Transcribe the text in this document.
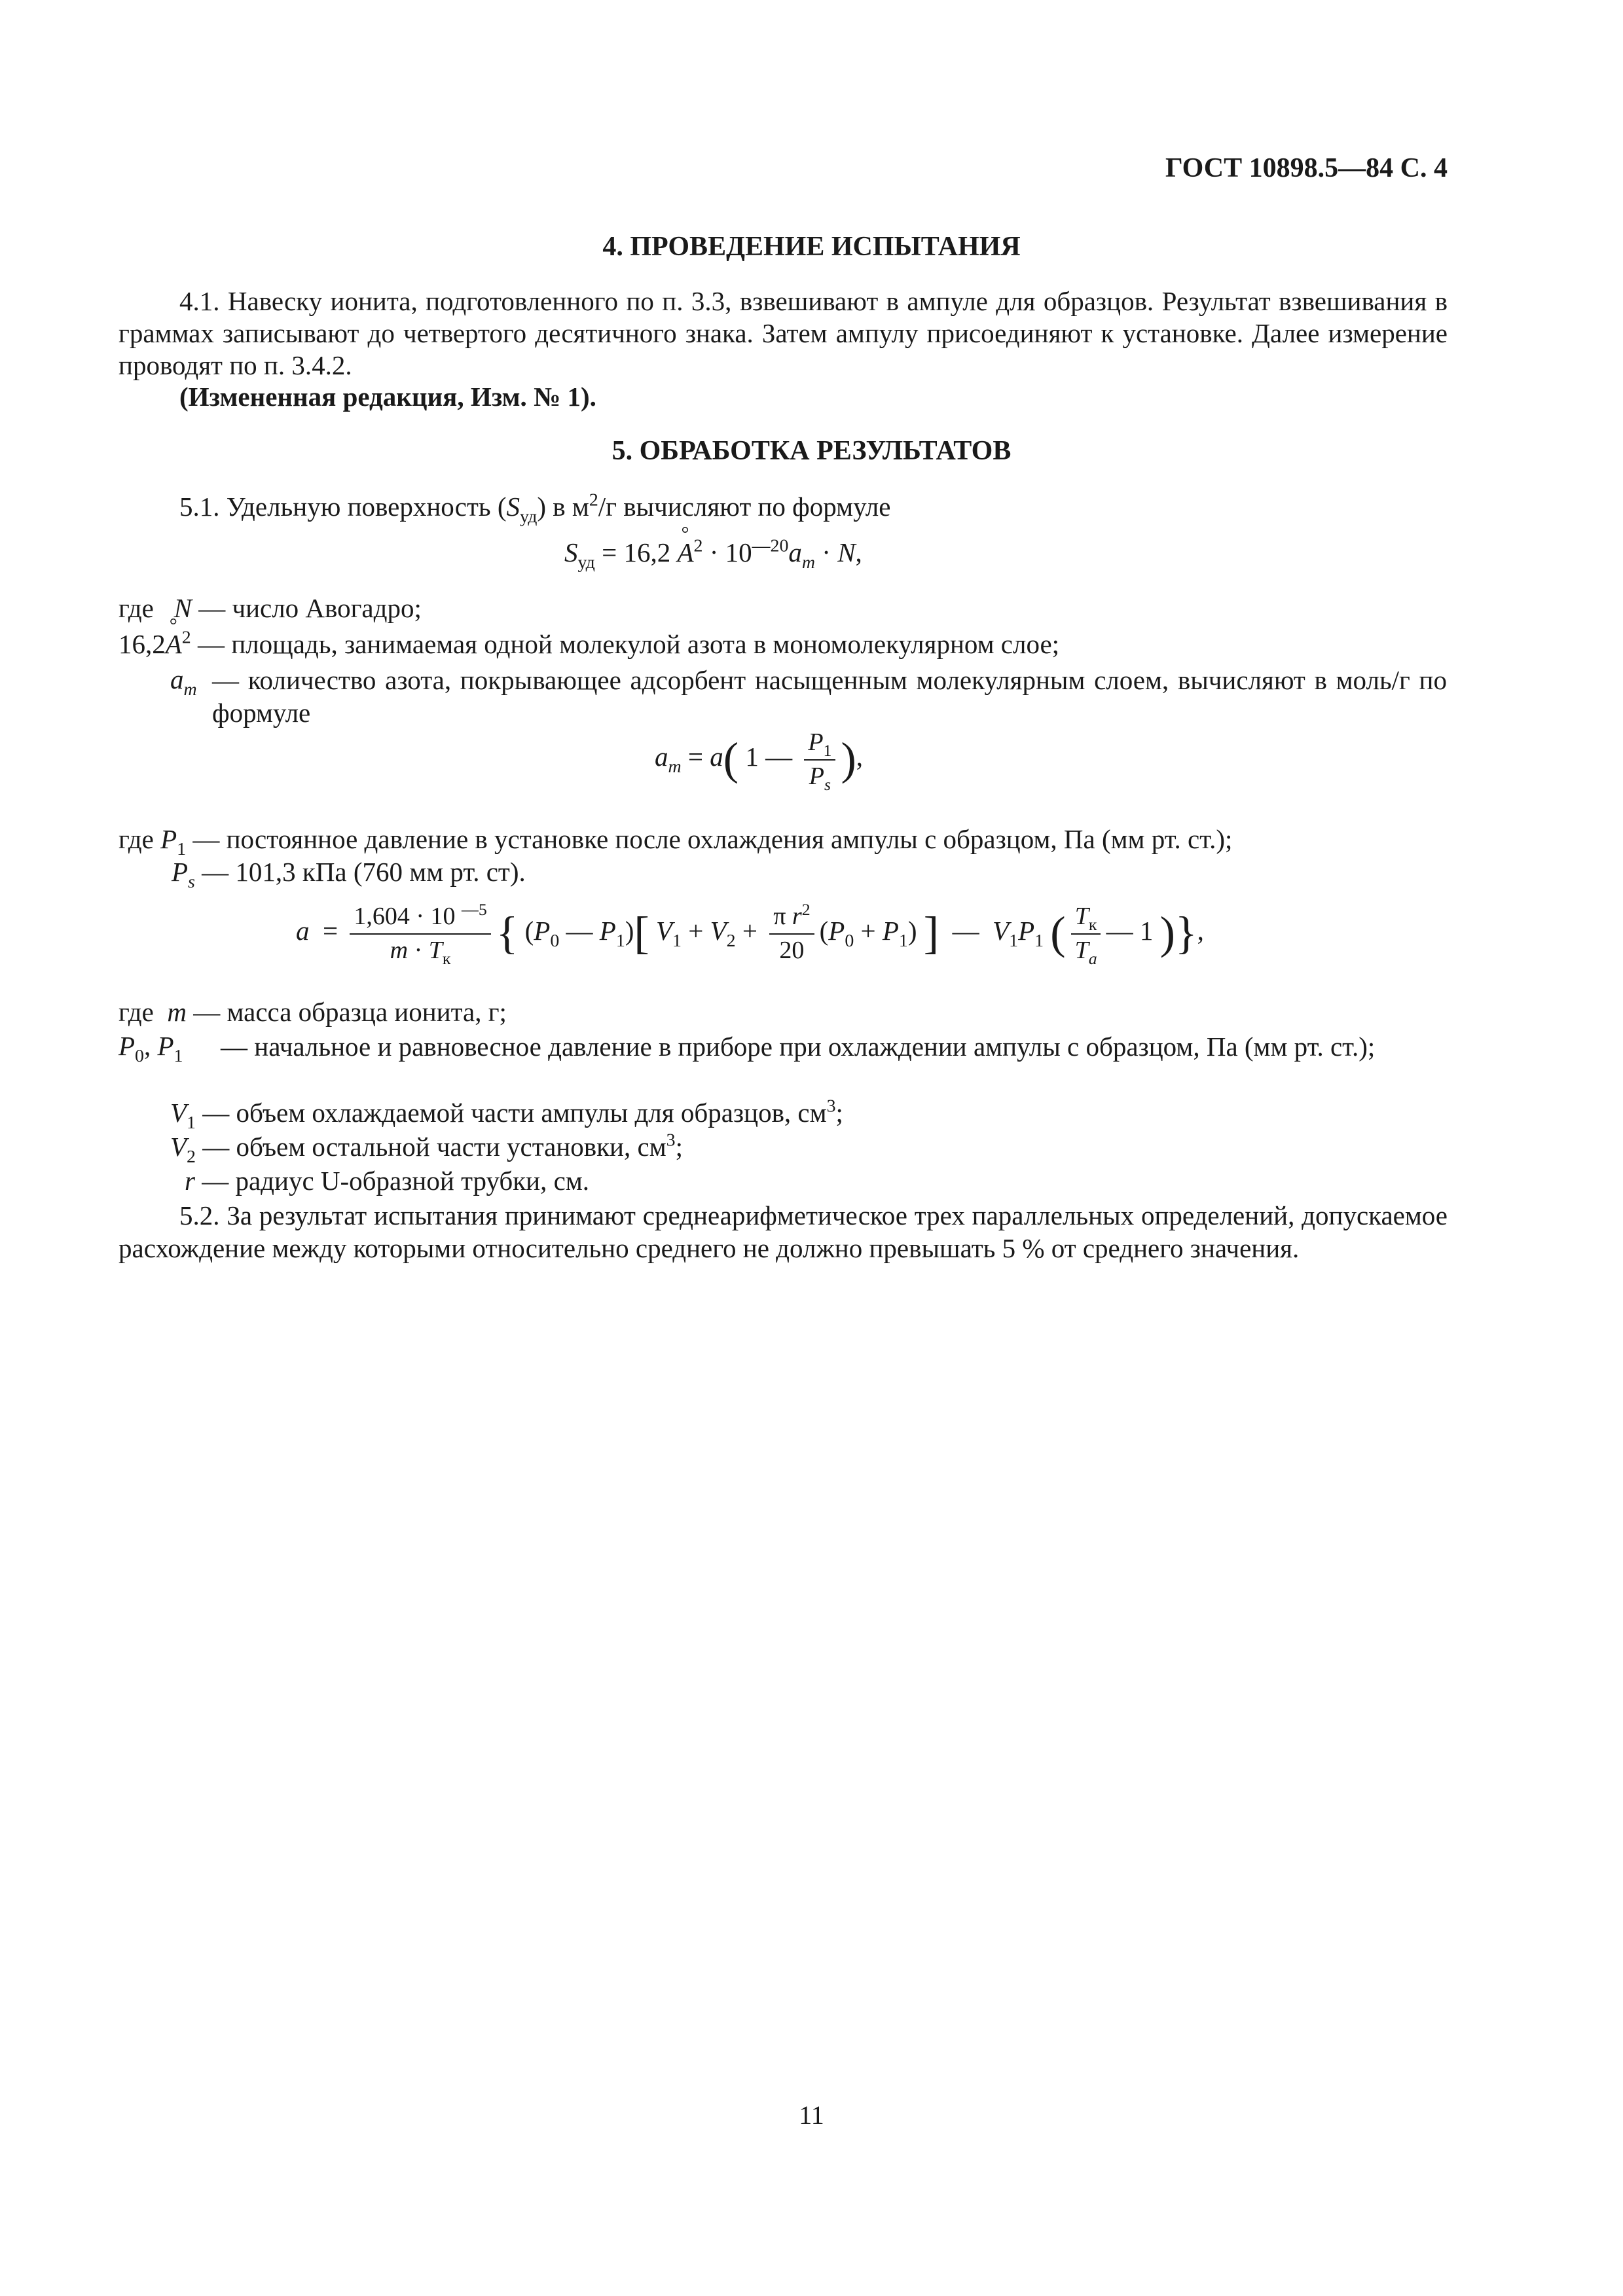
ГОСТ 10898.5—84 С. 4
4. ПРОВЕДЕНИЕ ИСПЫТАНИЯ
4.1. Навеску ионита, подготовленного по п. 3.3, взвешивают в ампуле для образцов. Результат взвешивания в граммах записывают до четвертого десятичного знака. Затем ампулу присоединяют к установке. Далее измерение проводят по п. 3.4.2.
(Измененная редакция, Изм. № 1).
5. ОБРАБОТКА РЕЗУЛЬТАТОВ
5.1. Удельную поверхность $(S_{уд})$ в $м^2/г$ вычисляют по формуле
$S_{уд} = 16,2$ ° $A^2 \cdot 10^{—20}a_m \cdot N$,
где N — число Авогадро;
16,2° $A^2$ — площадь, занимаемая одной молекулой азота в мономолекулярном слое;
$a_m$ — количество азота, покрывающее адсорбент насыщенным молекулярным слоем, вычисляют в моль/г по формуле
$a_m = a$( 1 — $\frac{P_1}{P_s}$ ),
где $P_1$ — постоянное давление в установке после охлаждения ампулы с образцом, Па (мм рт. ст.);
$P_s$ — 101,3 кПа (760 мм рт. ст).
$a = \frac{1,604 \cdot 10 ^{—5}}{m \cdot T_к}$ { ($P_0$ — $P_1$)[ $V_1 + V_2 + \frac{\pi r^2}{20} (P_0 + P_1)$ ]  —  $V_1P_1$ ( $\frac{T_к}{T_a}$ — 1 )},
где m — масса образца ионита, г;
$P_0$, $P_1$ — начальное и равновесное давление в приборе при охлаждении ампулы с образцом, Па (мм рт. ст.);
$V_1$ — объем охлаждаемой части ампулы для образцов, $см^3$;
$V_2$ — объем остальной части установки, $см^3$;
r — радиус U-образной трубки, см.
5.2. За результат испытания принимают среднеарифметическое трех параллельных определений, допускаемое расхождение между которыми относительно среднего не должно превышать 5 % от среднего значения.
11
